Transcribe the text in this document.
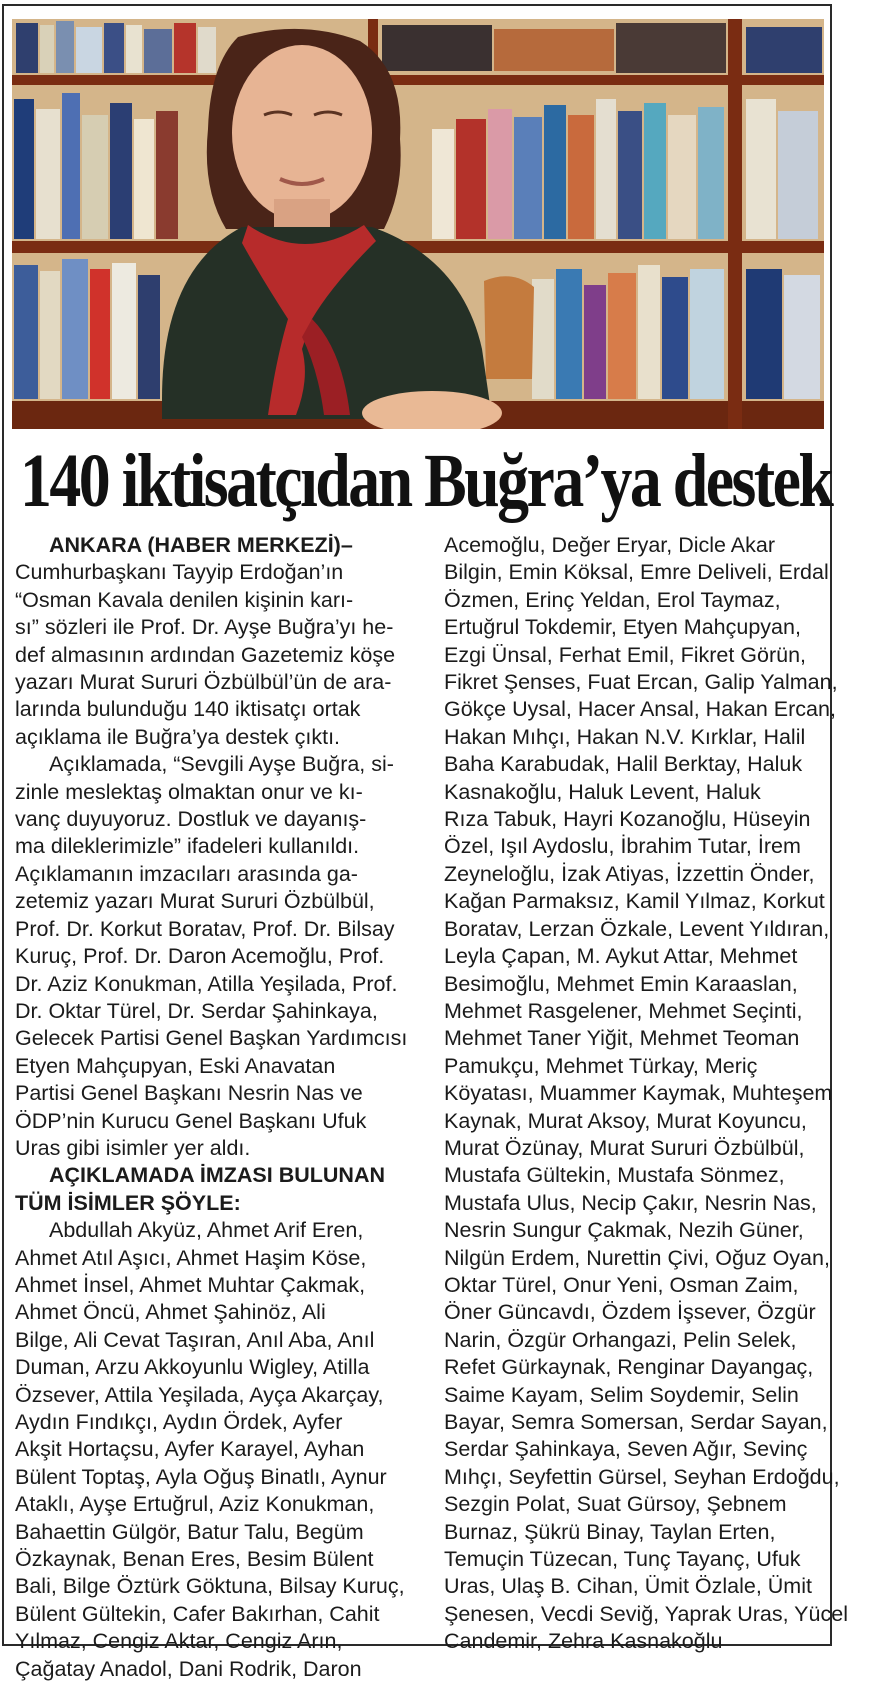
140 iktisatçıdan Buğra’ya destek

ANKARA (HABER MERKEZİ)–

Cumhurbaşkanı Tayyip Erdoğan’ın
“Osman Kavala denilen kişinin karı-
sı” sözleri ile Prof. Dr. Ayşe Buğra’yı he-
def almasının ardından Gazetemiz köşe
yazarı Murat Sururi Özbülbül’ün de ara-
larında bulunduğu 140 iktisatçı ortak
açıklama ile Buğra’ya destek çıktı.

Açıklamada, “Sevgili Ayşe Buğra, si-
zinle meslektaş olmaktan onur ve kı-
vanç duyuyoruz. Dostluk ve dayanış-
ma dileklerimizle” ifadeleri kullanıldı.
Açıklamanın imzacıları arasında ga-
zetemiz yazarı Murat Sururi Özbülbül,
Prof. Dr. Korkut Boratav, Prof. Dr. Bilsay
Kuruç, Prof. Dr. Daron Acemoğlu, Prof.
Dr. Aziz Konukman, Atilla Yeşilada, Prof.
Dr. Oktar Türel, Dr. Serdar Şahinkaya,
Gelecek Partisi Genel Başkan Yardımcısı
Etyen Mahçupyan, Eski Anavatan
Partisi Genel Başkanı Nesrin Nas ve
ÖDP’nin Kurucu Genel Başkanı Ufuk
Uras gibi isimler yer aldı.

AÇIKLAMADA İMZASI BULUNAN

TÜM İSİMLER ŞÖYLE:

Abdullah Akyüz, Ahmet Arif Eren,
Ahmet Atıl Aşıcı, Ahmet Haşim Köse,
Ahmet İnsel, Ahmet Muhtar Çakmak,
Ahmet Öncü, Ahmet Şahinöz, Ali
Bilge, Ali Cevat Taşıran, Anıl Aba, Anıl
Duman, Arzu Akkoyunlu Wigley, Atilla
Özsever, Attila Yeşilada, Ayça Akarçay,
Aydın Fındıkçı, Aydın Ördek, Ayfer
Akşit Hortaçsu, Ayfer Karayel, Ayhan
Bülent Toptaş, Ayla Oğuş Binatlı, Aynur
Ataklı, Ayşe Ertuğrul, Aziz Konukman,
Bahaettin Gülgör, Batur Talu, Begüm
Özkaynak, Benan Eres, Besim Bülent
Bali, Bilge Öztürk Göktuna, Bilsay Kuruç,
Bülent Gültekin, Cafer Bakırhan, Cahit
Yılmaz, Cengiz Aktar, Cengiz Arın,
Çağatay Anadol, Dani Rodrik, Daron

Acemoğlu, Değer Eryar, Dicle Akar
Bilgin, Emin Köksal, Emre Deliveli, Erdal
Özmen, Erinç Yeldan, Erol Taymaz,
Ertuğrul Tokdemir, Etyen Mahçupyan,
Ezgi Ünsal, Ferhat Emil, Fikret Görün,
Fikret Şenses, Fuat Ercan, Galip Yalman,
Gökçe Uysal, Hacer Ansal, Hakan Ercan,
Hakan Mıhçı, Hakan N.V. Kırklar, Halil
Baha Karabudak, Halil Berktay, Haluk
Kasnakoğlu, Haluk Levent, Haluk
Rıza Tabuk, Hayri Kozanoğlu, Hüseyin
Özel, Işıl Aydoslu, İbrahim Tutar, İrem
Zeyneloğlu, İzak Atiyas, İzzettin Önder,
Kağan Parmaksız, Kamil Yılmaz, Korkut
Boratav, Lerzan Özkale, Levent Yıldıran,
Leyla Çapan, M. Aykut Attar, Mehmet
Besimoğlu, Mehmet Emin Karaaslan,
Mehmet Rasgelener, Mehmet Seçinti,
Mehmet Taner Yiğit, Mehmet Teoman
Pamukçu, Mehmet Türkay, Meriç
Köyatası, Muammer Kaymak, Muhteşem
Kaynak, Murat Aksoy, Murat Koyuncu,
Murat Özünay, Murat Sururi Özbülbül,
Mustafa Gültekin, Mustafa Sönmez,
Mustafa Ulus, Necip Çakır, Nesrin Nas,
Nesrin Sungur Çakmak, Nezih Güner,
Nilgün Erdem, Nurettin Çivi, Oğuz Oyan,
Oktar Türel, Onur Yeni, Osman Zaim,
Öner Güncavdı, Özdem İşsever, Özgür
Narin, Özgür Orhangazi, Pelin Selek,
Refet Gürkaynak, Renginar Dayangaç,
Saime Kayam, Selim Soydemir, Selin
Bayar, Semra Somersan, Serdar Sayan,
Serdar Şahinkaya, Seven Ağır, Sevinç
Mıhçı, Seyfettin Gürsel, Seyhan Erdoğdu,
Sezgin Polat, Suat Gürsoy, Şebnem
Burnaz, Şükrü Binay, Taylan Erten,
Temuçin Tüzecan, Tunç Tayanç, Ufuk
Uras, Ulaş B. Cihan, Ümit Özlale, Ümit
Şenesen, Vecdi Seviğ, Yaprak Uras, Yücel
Candemir, Zehra Kasnakoğlu
